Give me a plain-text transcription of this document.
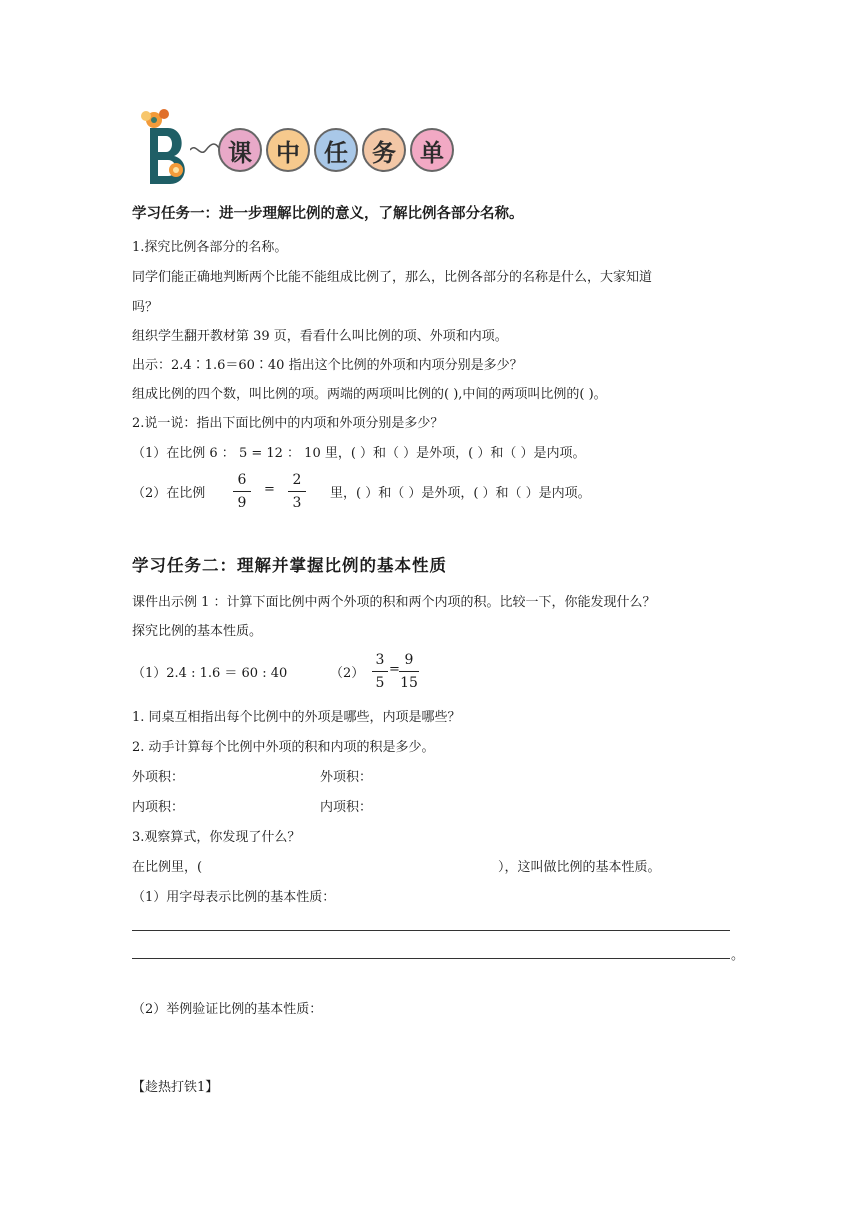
课	中	任	务	单
学习任务一：进一步理解比例的意义，了解比例各部分名称。
1.探究比例各部分的名称。
同学们能正确地判断两个比能不能组成比例了，那么，比例各部分的名称是什么，大家知道
吗？
组织学生翻开教材第 39 页，看看什么叫比例的项、外项和内项。
出示：2.4∶1.6＝60∶40 指出这个比例的外项和内项分别是多少？
组成比例的四个数，叫比例的项。两端的两项叫比例的( ),中间的两项叫比例的( )。
2.说一说：指出下面比例中的内项和外项分别是多少？
（1）在比例 6 ： 5 = 12 ： 10 里，( ）和（ ）是外项，( ）和（ ）是内项。
（2）在比例
6
9
=
2
3
里，( ）和（ ）是外项，( ）和（ ）是内项。
学习任务二：理解并掌握比例的基本性质
课件出示例 1 ：计算下面比例中两个外项的积和两个内项的积。比较一下，你能发现什么？
探究比例的基本性质。
（1）2.4 : 1.6 ＝ 60 : 40	（2）
3
5
=
9
15
1. 同桌互相指出每个比例中的外项是哪些，内项是哪些？
2. 动手计算每个比例中外项的积和内项的积是多少。
外项积：	外项积：
内项积：	内项积：
3.观察算式，你发现了什么？
在比例里，(	），这叫做比例的基本性质。
（1）用字母表示比例的基本性质：
。
（2）举例验证比例的基本性质：
【趁热打铁1】
